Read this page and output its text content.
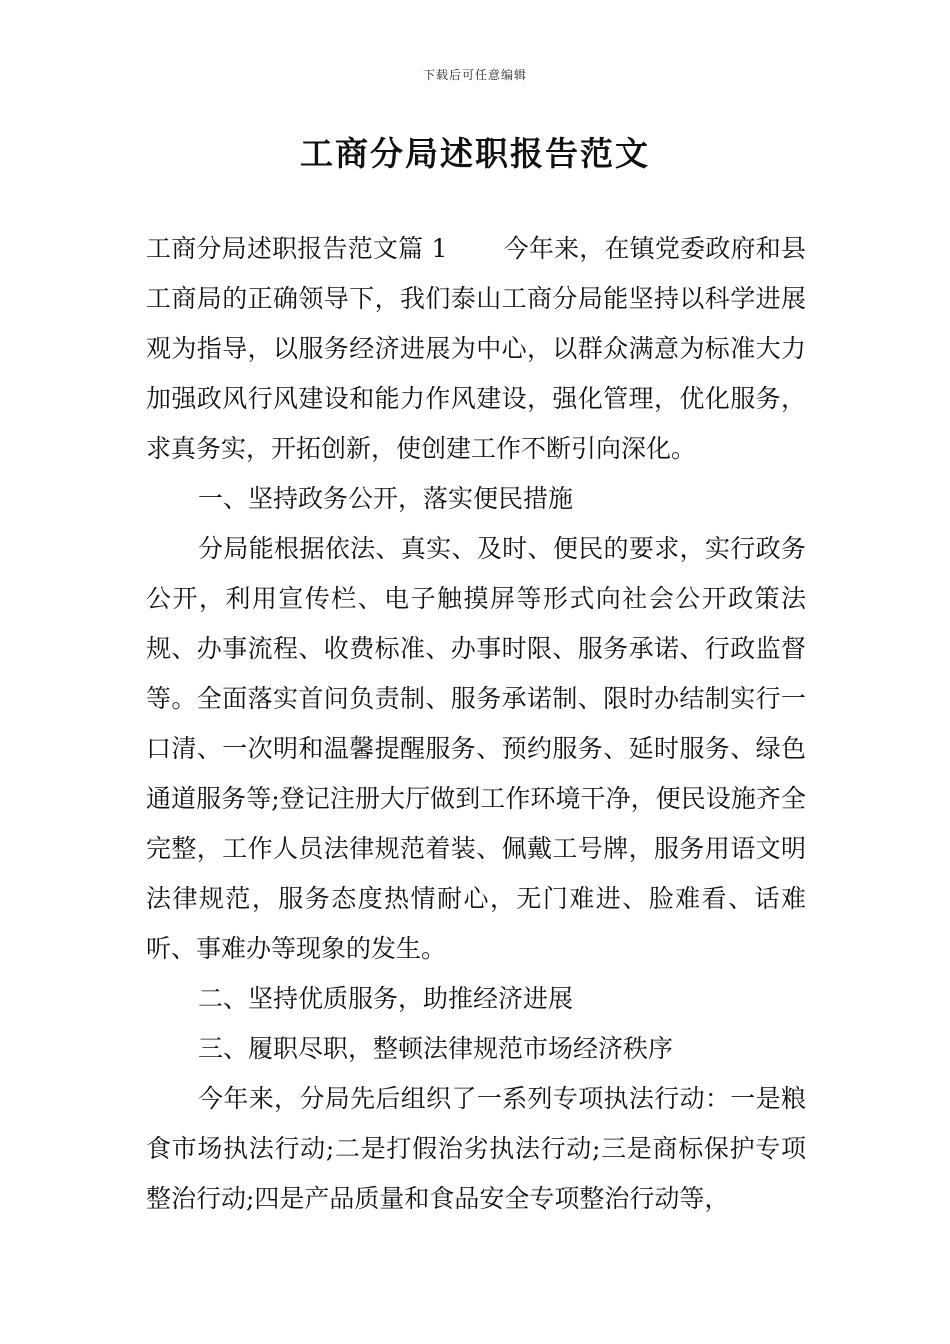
下载后可任意编辑
工商分局述职报告范文

工商分局述职报告范文篇 1 今年来，在镇党委政府和县工商局的正确领导下，我们泰山工商分局能坚持以科学进展观为指导，以服务经济进展为中心，以群众满意为标准大力加强政风行风建设和能力作风建设，强化管理，优化服务，求真务实，开拓创新，使创建工作不断引向深化。

一、坚持政务公开，落实便民措施

分局能根据依法、真实、及时、便民的要求，实行政务公开，利用宣传栏、电子触摸屏等形式向社会公开政策法规、办事流程、收费标准、办事时限、服务承诺、行政监督等。全面落实首问负责制、服务承诺制、限时办结制实行一口清、一次明和温馨提醒服务、预约服务、延时服务、绿色通道服务等;登记注册大厅做到工作环境干净，便民设施齐全完整，工作人员法律规范着装、佩戴工号牌，服务用语文明法律规范，服务态度热情耐心，无门难进、脸难看、话难听、事难办等现象的发生。

二、坚持优质服务，助推经济进展

三、履职尽职，整顿法律规范市场经济秩序

今年来，分局先后组织了一系列专项执法行动：一是粮食市场执法行动;二是打假治劣执法行动;三是商标保护专项整治行动;四是产品质量和食品安全专项整治行动等，
